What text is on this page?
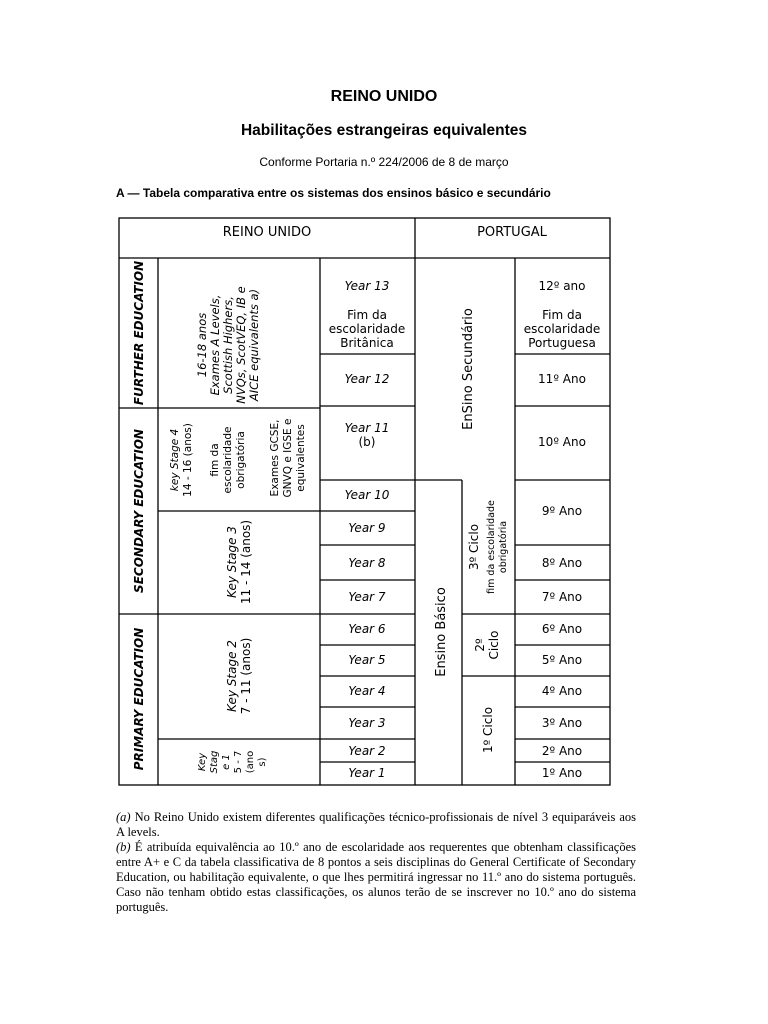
REINO UNIDO
Habilitações estrangeiras equivalentes
Conforme Portaria n.º 224/2006 de 8 de março
A — Tabela comparativa entre os sistemas dos ensinos básico e secundário
REINO UNIDO	PORTUGAL
FURTHER EDUCATION
SECONDARY EDUCATION
PRIMARY EDUCATION
16-18 anos Exames A Levels, Scottish Highers, NVQs, ScotVEQ, IB e AICE equivalents a)
key Stage 4 14 - 16 (anos) fim da escolaridade obrigatória Exames GCSE, GNVQ e IGSE e equivalentes
Key Stage 3 11 - 14 (anos)
Key Stage 2 7 - 11 (anos)
Key Stag e 1 5 - 7 (ano s)
Year 13
Fim da
escolaridade
Britânica
Year 12
Year 11
(b)
Year 10
Year 9
Year 8
Year 7
Year 6
Year 5
Year 4
Year 3
Year 2
Year 1
EnSino Secundário
Ensino Básico
3º Ciclo fim da escolaridade obrigatória
2º Ciclo
1º Ciclo
12º ano
Fim da
escolaridade
Portuguesa
11º Ano
10º Ano
9º Ano
8º Ano
7º Ano
6º Ano
5º Ano
4º Ano
3º Ano
2º Ano
1º Ano

(a) No Reino Unido existem diferentes qualificações técnico-profissionais de nível 3 equiparáveis aos A levels.

(b) É atribuída equivalência ao 10.º ano de escolaridade aos requerentes que obtenham classificações entre A+ e C da tabela classificativa de 8 pontos a seis disciplinas do General Certificate of Secondary Education, ou habilitação equivalente, o que lhes permitirá ingressar no 11.º ano do sistema português. Caso não tenham obtido estas classificações, os alunos terão de se inscrever no 10.º ano do sistema português.
